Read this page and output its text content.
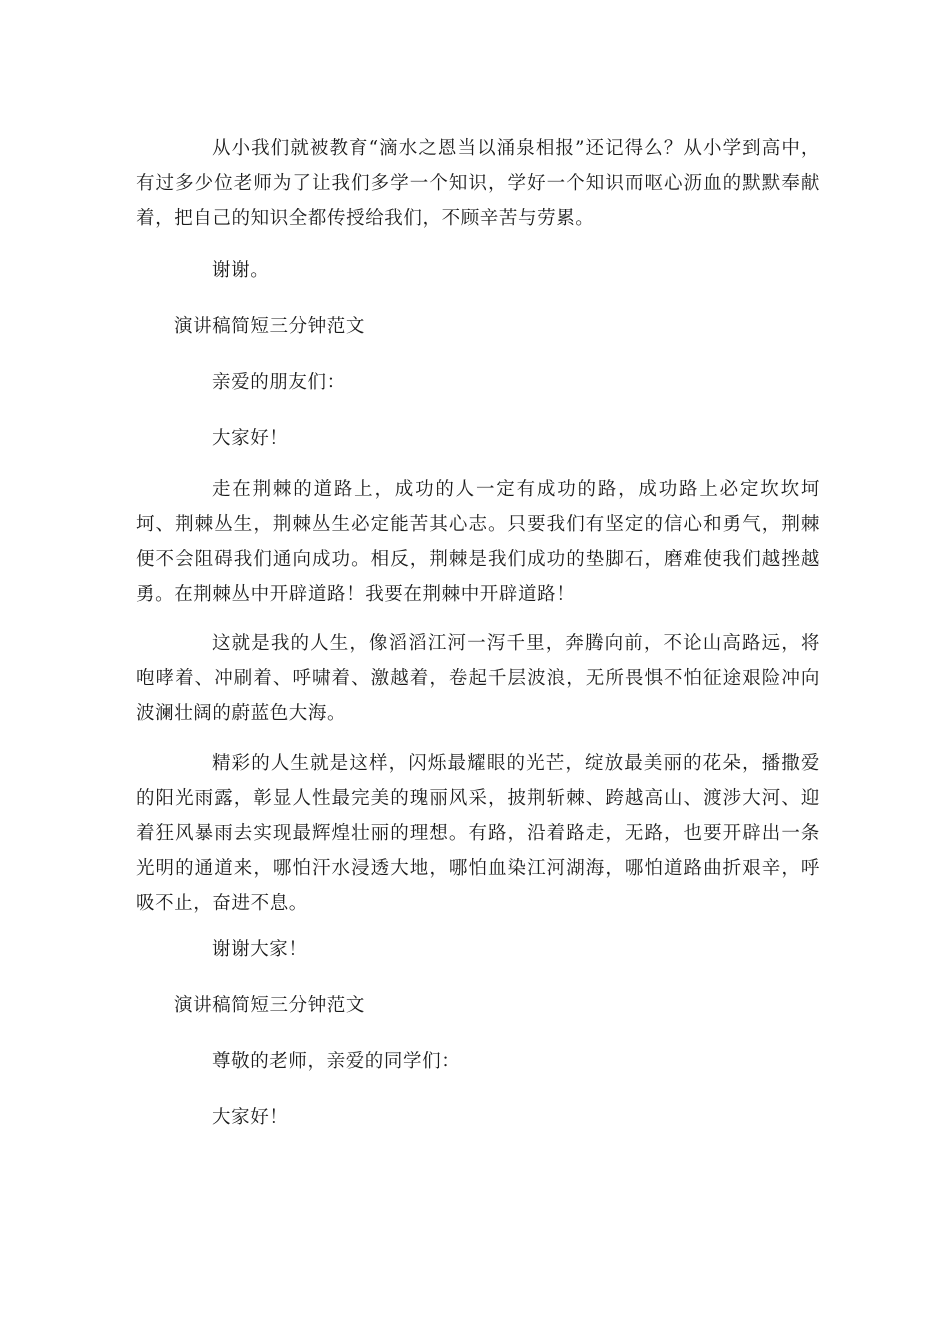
从小我们就被教育“滴水之恩当以涌泉相报”还记得么？从小学到高中，有过多少位老师为了让我们多学一个知识，学好一个知识而呕心沥血的默默奉献着，把自己的知识全都传授给我们，不顾辛苦与劳累。

谢谢。

演讲稿简短三分钟范文

亲爱的朋友们：

大家好！

走在荆棘的道路上，成功的人一定有成功的路，成功路上必定坎坎坷坷、荆棘丛生，荆棘丛生必定能苦其心志。只要我们有坚定的信心和勇气，荆棘便不会阻碍我们通向成功。相反，荆棘是我们成功的垫脚石，磨难使我们越挫越勇。在荆棘丛中开辟道路！我要在荆棘中开辟道路！

这就是我的人生，像滔滔江河一泻千里，奔腾向前，不论山高路远，将咆哮着、冲刷着、呼啸着、激越着，卷起千层波浪，无所畏惧不怕征途艰险冲向波澜壮阔的蔚蓝色大海。

精彩的人生就是这样，闪烁最耀眼的光芒，绽放最美丽的花朵，播撒爱的阳光雨露，彰显人性最完美的瑰丽风采，披荆斩棘、跨越高山、渡涉大河、迎着狂风暴雨去实现最辉煌壮丽的理想。有路，沿着路走，无路，也要开辟出一条光明的通道来，哪怕汗水浸透大地，哪怕血染江河湖海，哪怕道路曲折艰辛，呼吸不止，奋进不息。

谢谢大家！

演讲稿简短三分钟范文

尊敬的老师，亲爱的同学们：

大家好！
